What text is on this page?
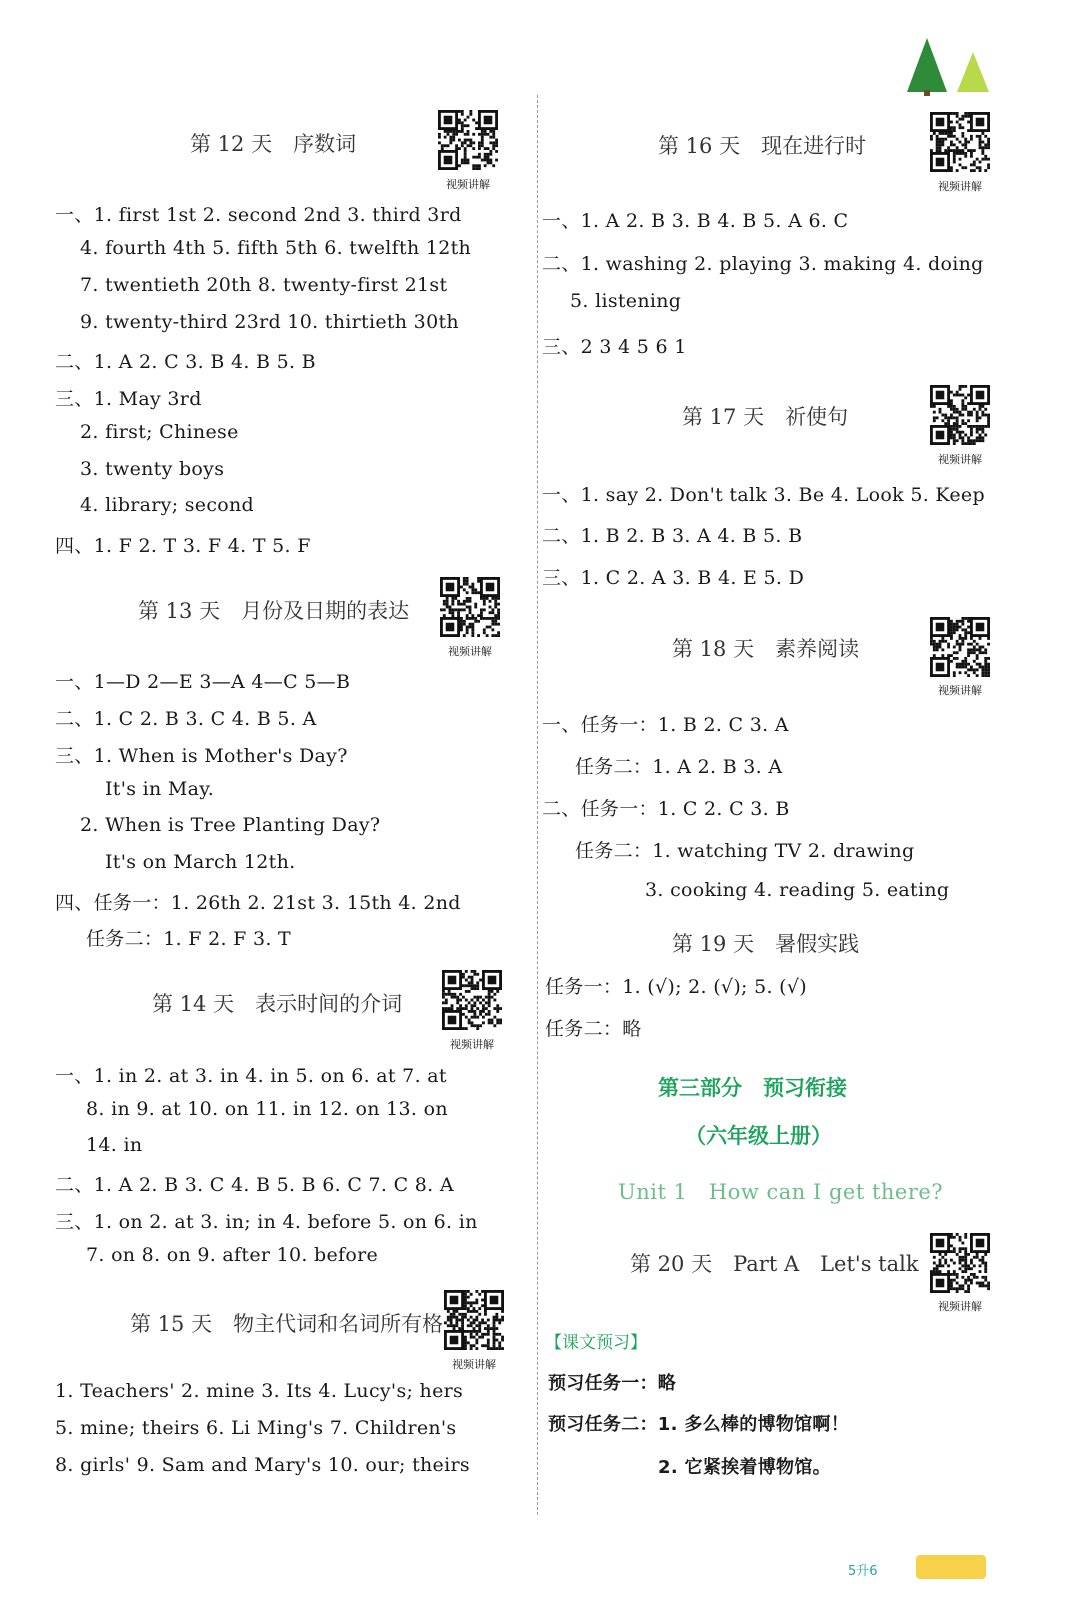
第 12 天　 序数词
视频讲解
一、1. first 1st 2. second 2nd 3. third 3rd
4. fourth 4th 5. fifth 5th 6. twelfth 12th
7. twentieth 20th 8. twenty-first 21st
9. twenty-third 23rd 10. thirtieth 30th
二、1. A 2. C 3. B 4. B 5. B
三、1. May 3rd
2. first; Chinese
3. twenty boys
4. library; second
四、1. F 2. T 3. F 4. T 5. F
第 13 天　 月份及日期的表达
视频讲解
一、1—D 2—E 3—A 4—C 5—B
二、1. C 2. B 3. C 4. B 5. A
三、1. When is Mother's Day?
It's in May.
2. When is Tree Planting Day?
It's on March 12th.
四、任务一：1. 26th 2. 21st 3. 15th 4. 2nd
任务二：1. F 2. F 3. T
第 14 天　 表示时间的介词
视频讲解
一、1. in 2. at 3. in 4. in 5. on 6. at 7. at
8. in 9. at 10. on 11. in 12. on 13. on
14. in
二、1. A 2. B 3. C 4. B 5. B 6. C 7. C 8. A
三、1. on 2. at 3. in; in 4. before 5. on 6. in
7. on 8. on 9. after 10. before
第 15 天　 物主代词和名词所有格
视频讲解
1. Teachers' 2. mine 3. Its 4. Lucy's; hers
5. mine; theirs 6. Li Ming's 7. Children's
8. girls' 9. Sam and Mary's 10. our; theirs
第 16 天　 现在进行时
视频讲解
一、1. A 2. B 3. B 4. B 5. A 6. C
二、1. washing 2. playing 3. making 4. doing
5. listening
三、2 3 4 5 6 1
第 17 天　 祈使句
视频讲解
一、1. say 2. Don't talk 3. Be 4. Look 5. Keep
二、1. B 2. B 3. A 4. B 5. B
三、1. C 2. A 3. B 4. E 5. D
第 18 天　 素养阅读
视频讲解
一、任务一：1. B 2. C 3. A
任务二：1. A 2. B 3. A
二、任务一：1. C 2. C 3. B
任务二：1. watching TV 2. drawing
3. cooking 4. reading 5. eating
第 19 天　 暑假实践
任务一：1. (√); 2. (√); 5. (√)
任务二：略
第三部分　预习衔接
（六年级上册）
Unit 1　How can I get there?
第 20 天　 Part A　Let's talk
视频讲解
【课文预习】
预习任务一：略
预习任务二：1. 多么棒的博物馆啊！
2. 它紧挨着博物馆。
5升6
